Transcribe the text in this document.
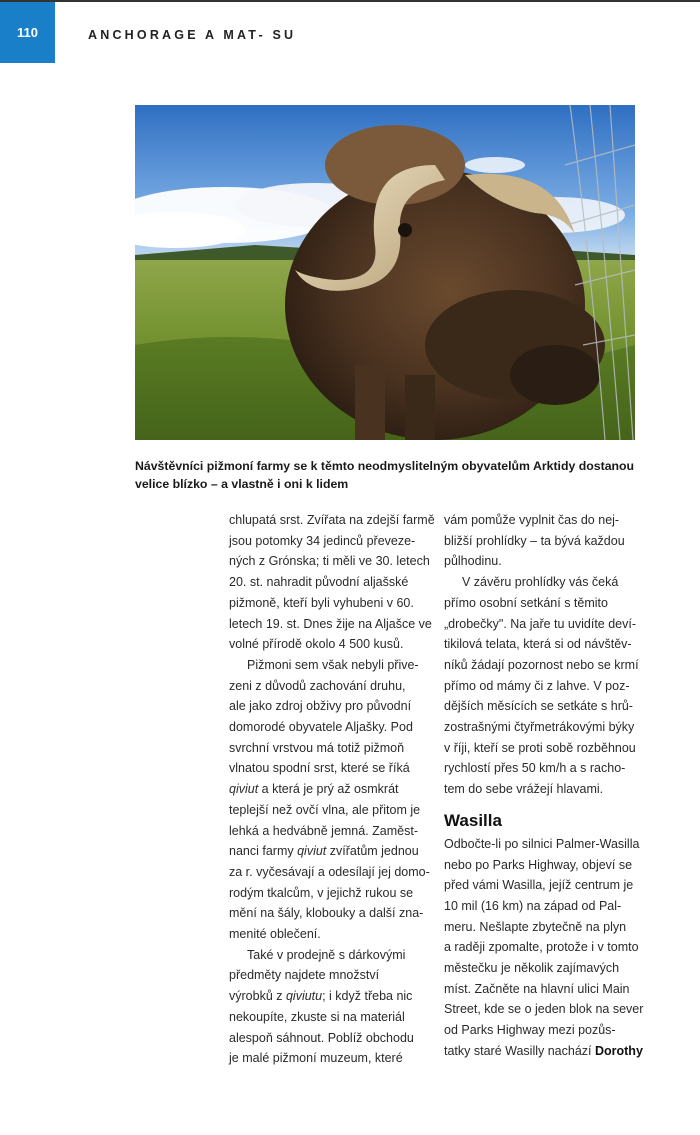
110	ANCHORAGE A MAT- SU
Návštěvníci pižmoní farmy se k těmto neodmyslitelným obyvatelům Arktidy dostanou
velice blízko – a vlastně i oni k lidem
chlupatá srst. Zvířata na zdejší farmě
jsou potomky 34 jedinců převeze-
ných z Grónska; ti měli ve 30. letech
20. st. nahradit původní aljašské
pižmoně, kteří byli vyhubeni v 60.
letech 19. st. Dnes žije na Aljašce ve
volné přírodě okolo 4 500 kusů.
Pižmoni sem však nebyli přive-
zeni z důvodů zachování druhu,
ale jako zdroj obživy pro původní
domorodé obyvatele Aljašky. Pod
svrchní vrstvou má totiž pižmoň
vlnatou spodní srst, které se říká
qiviut a která je prý až osmkrát
teplejší než ovčí vlna, ale přitom je
lehká a hedvábně jemná. Zaměst-
nanci farmy qiviut zvířatům jednou
za r. vyčesávají a odesílají jej domo-
rodým tkalcům, v jejichž rukou se
mění na šály, klobouky a další zna-
menité oblečení.
Také v prodejně s dárkovými
předměty najdete množství
výrobků z qiviutu; i když třeba nic
nekoupíte, zkuste si na materiál
alespoň sáhnout. Poblíž obchodu
je malé pižmoní muzeum, které
vám pomůže vyplnit čas do nej-
bližší prohlídky – ta bývá každou
půlhodinu.
V závěru prohlídky vás čeká
přímo osobní setkání s těmito
„drobečky". Na jaře tu uvidíte deví-
tikilová telata, která si od návštěv-
níků žádají pozornost nebo se krmí
přímo od mámy či z lahve. V poz-
dějších měsících se setkáte s hrů-
zostrašnými čtyřmetrákovými býky
v říji, kteří se proti sobě rozběhnou
rychlostí přes 50 km/h a s racho-
tem do sebe vrážejí hlavami.
Wasilla
Odbočte-li po silnici Palmer-Wasilla
nebo po Parks Highway, objeví se
před vámi Wasilla, jejíž centrum je
10 mil (16 km) na západ od Pal-
meru. Nešlapte zbytečně na plyn
a raději zpomalte, protože i v tomto
městečku je několik zajímavých
míst. Začněte na hlavní ulici Main
Street, kde se o jeden blok na sever
od Parks Highway mezi pozůs-
tatky staré Wasilly nachází Dorothy
